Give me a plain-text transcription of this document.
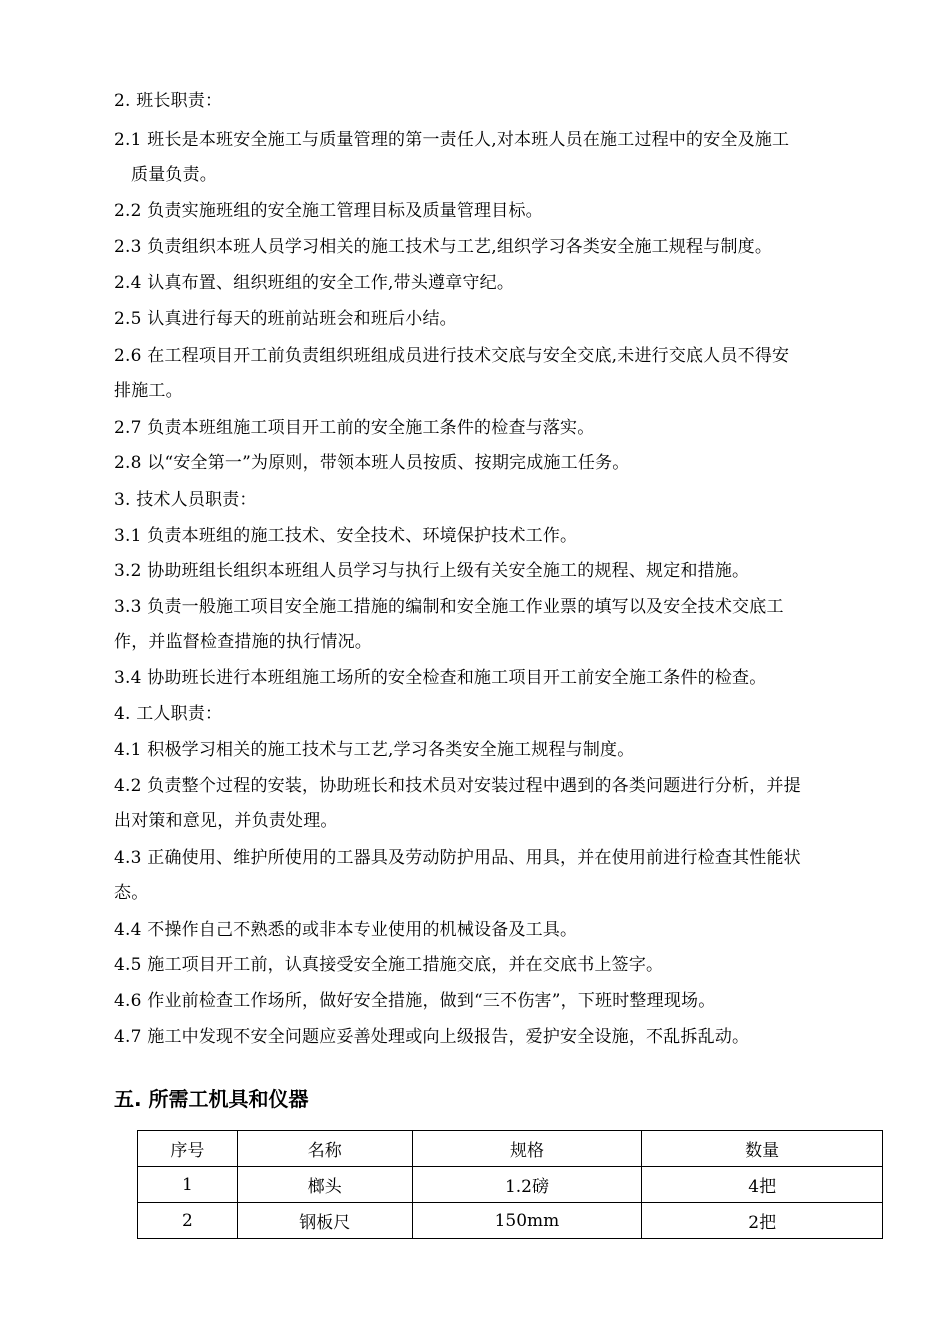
2. 班长职责：
2.1 班长是本班安全施工与质量管理的第一责任人,对本班人员在施工过程中的安全及施工
质量负责。
2.2 负责实施班组的安全施工管理目标及质量管理目标。
2.3 负责组织本班人员学习相关的施工技术与工艺,组织学习各类安全施工规程与制度。
2.4 认真布置、组织班组的安全工作,带头遵章守纪。
2.5 认真进行每天的班前站班会和班后小结。
2.6 在工程项目开工前负责组织班组成员进行技术交底与安全交底,未进行交底人员不得安
排施工。
2.7 负责本班组施工项目开工前的安全施工条件的检查与落实。
2.8 以“安全第一”为原则，带领本班人员按质、按期完成施工任务。
3. 技术人员职责：
3.1 负责本班组的施工技术、安全技术、环境保护技术工作。
3.2 协助班组长组织本班组人员学习与执行上级有关安全施工的规程、规定和措施。
3.3 负责一般施工项目安全施工措施的编制和安全施工作业票的填写以及安全技术交底工
作，并监督检查措施的执行情况。
3.4 协助班长进行本班组施工场所的安全检查和施工项目开工前安全施工条件的检查。
4. 工人职责：
4.1 积极学习相关的施工技术与工艺,学习各类安全施工规程与制度。
4.2 负责整个过程的安装，协助班长和技术员对安装过程中遇到的各类问题进行分析，并提
出对策和意见，并负责处理。
4.3 正确使用、维护所使用的工器具及劳动防护用品、用具，并在使用前进行检查其性能状
态。
4.4 不操作自己不熟悉的或非本专业使用的机械设备及工具。
4.5 施工项目开工前，认真接受安全施工措施交底，并在交底书上签字。
4.6 作业前检查工作场所，做好安全措施，做到“三不伤害”，下班时整理现场。
4.7 施工中发现不安全问题应妥善处理或向上级报告，爱护安全设施，不乱拆乱动。
五. 所需工机具和仪器
序号	名称	规格	数量
1	榔头	1.2磅	4把
2	钢板尺	150mm	2把
